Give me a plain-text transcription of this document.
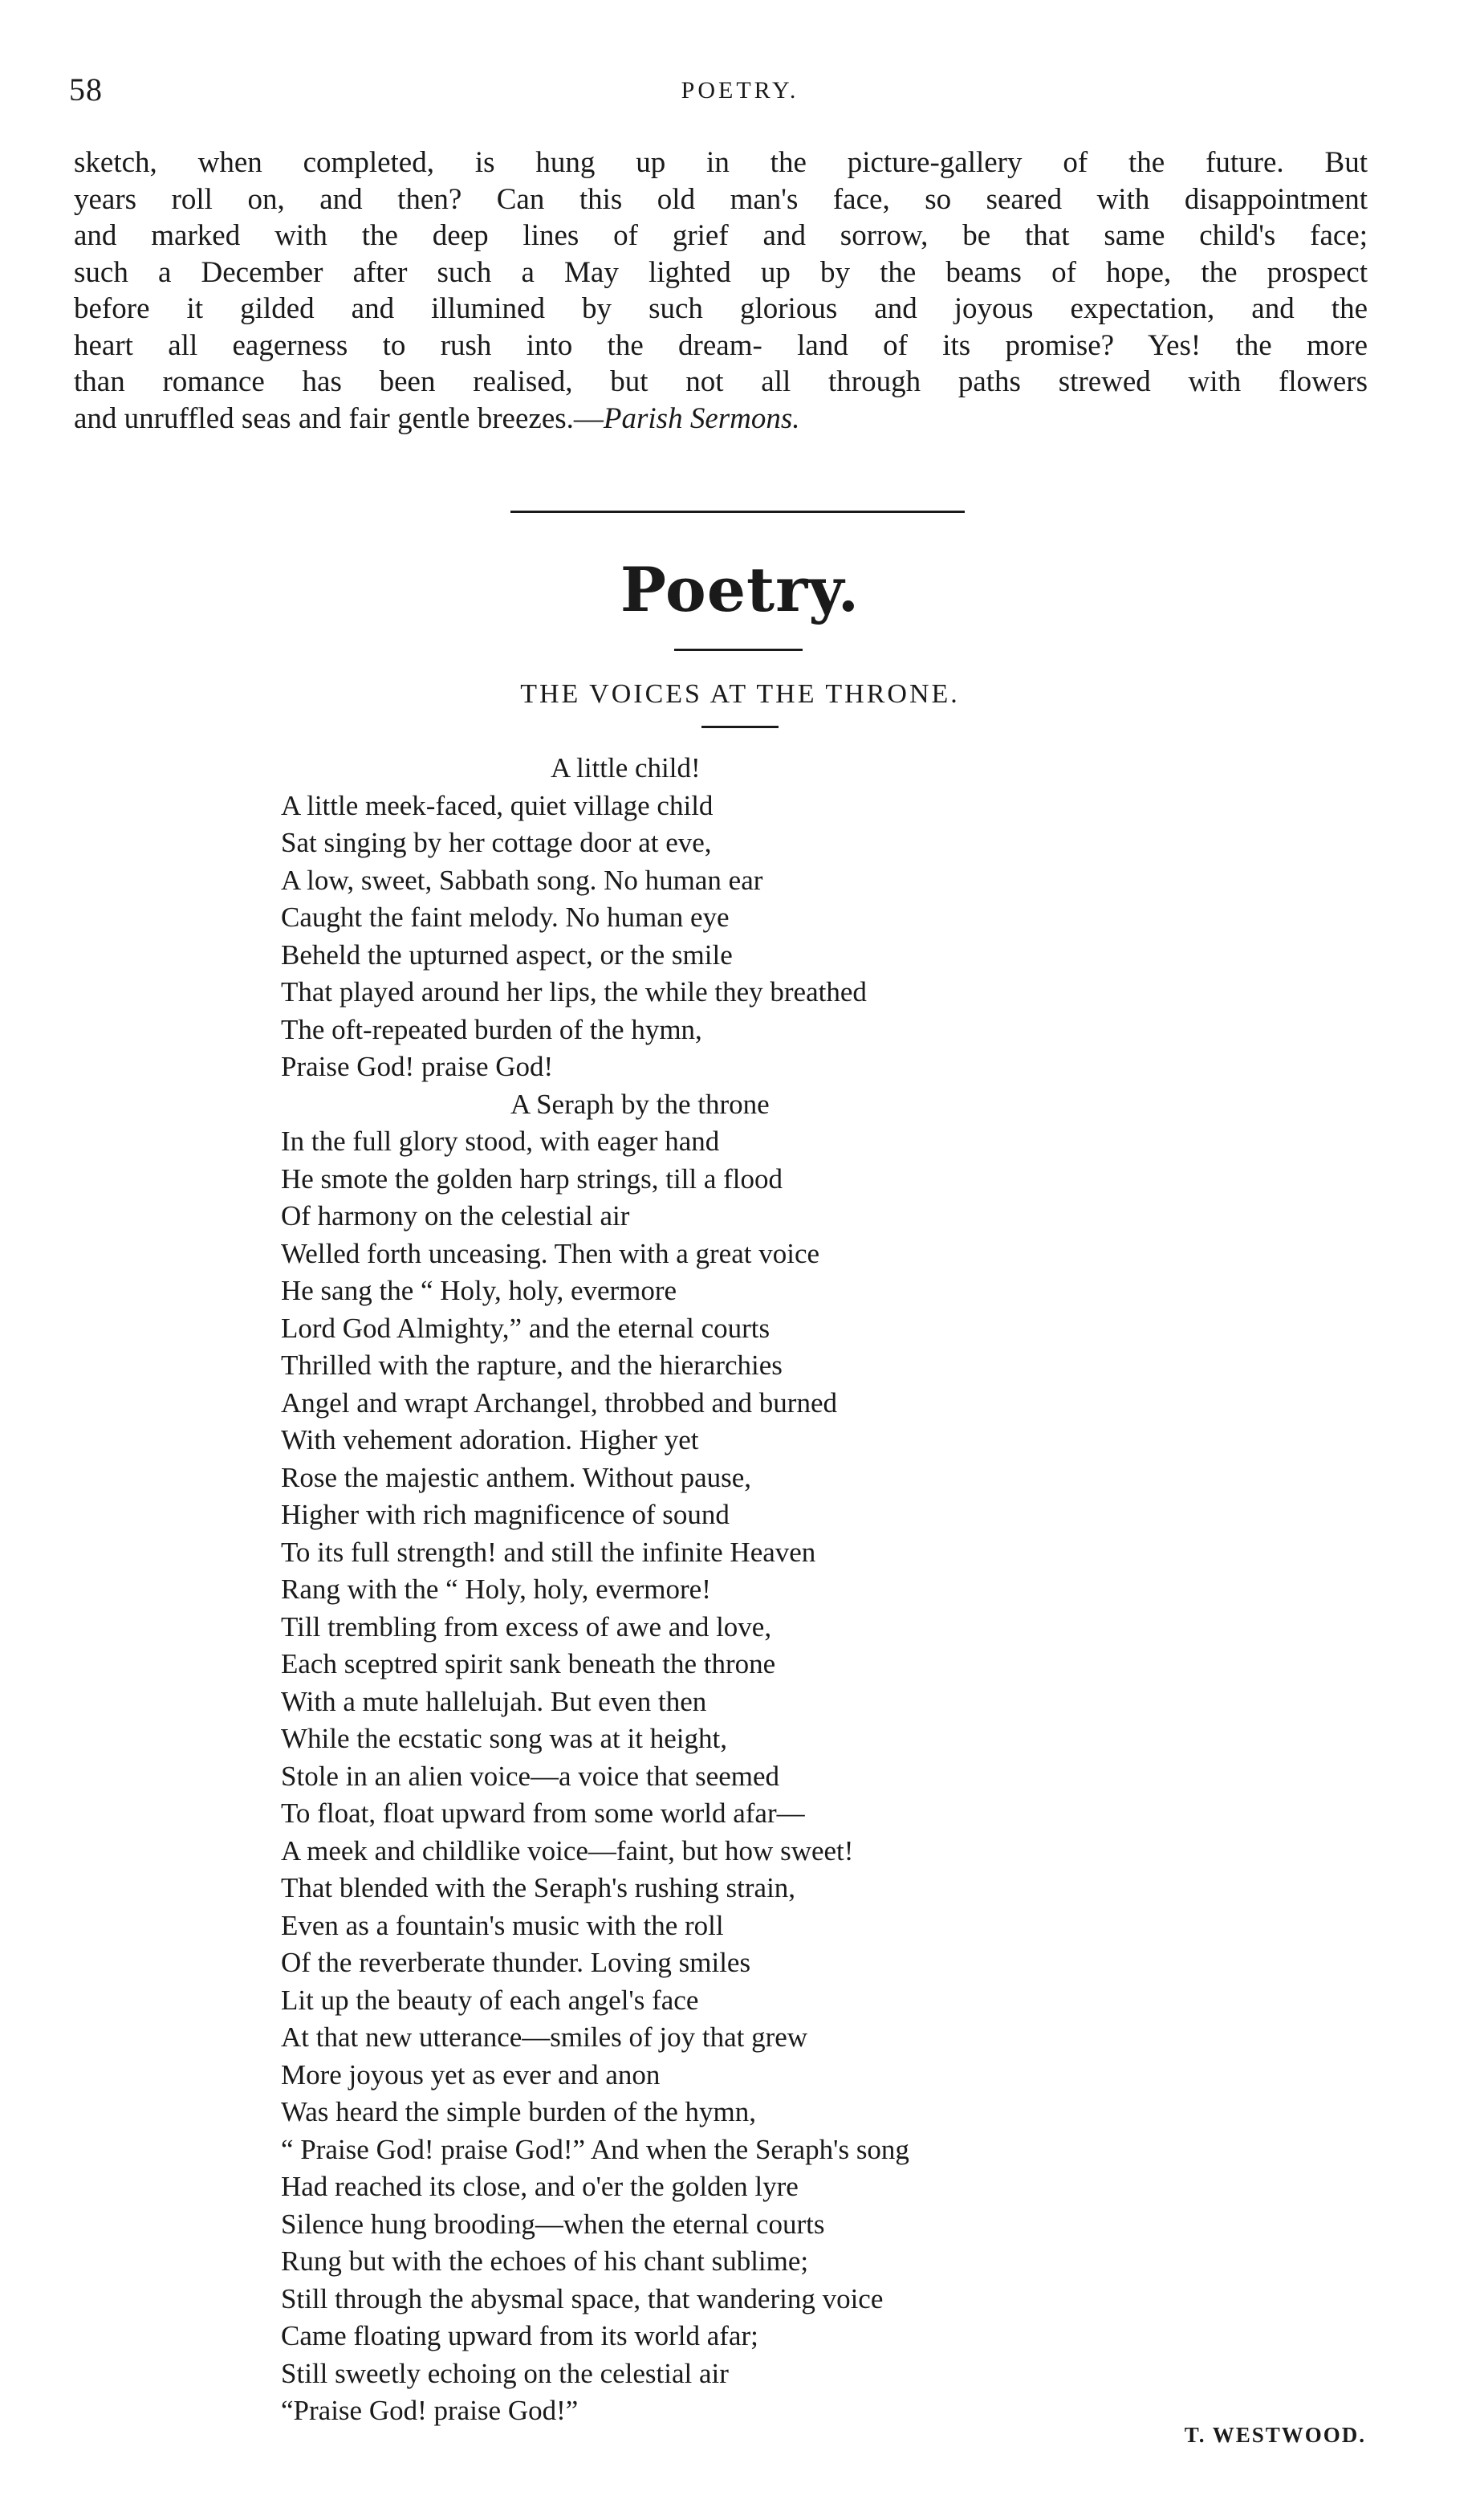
58	POETRY.
sketch, when completed, is hung up in the picture-gallery of the future. But
years roll on, and then? Can this old man's face, so seared with disappointment
and marked with the deep lines of grief and sorrow, be that same child's face;
such a December after such a May lighted up by the beams of hope, the prospect
before it gilded and illumined by such glorious and joyous expectation, and the
heart all eagerness to rush into the dream- land of its promise? Yes! the more
than romance has been realised, but not all through paths strewed with flowers
and unruffled seas and fair gentle breezes.—Parish Sermons.
Poetry.
THE VOICES AT THE THRONE.
A little child!
A little meek-faced, quiet village child
Sat singing by her cottage door at eve,
A low, sweet, Sabbath song. No human ear
Caught the faint melody. No human eye
Beheld the upturned aspect, or the smile
That played around her lips, the while they breathed
The oft-repeated burden of the hymn,
Praise God! praise God!
A Seraph by the throne
In the full glory stood, with eager hand
He smote the golden harp strings, till a flood
Of harmony on the celestial air
Welled forth unceasing. Then with a great voice
He sang the “ Holy, holy, evermore
Lord God Almighty,” and the eternal courts
Thrilled with the rapture, and the hierarchies
Angel and wrapt Archangel, throbbed and burned
With vehement adoration. Higher yet
Rose the majestic anthem. Without pause,
Higher with rich magnificence of sound
To its full strength! and still the infinite Heaven
Rang with the “ Holy, holy, evermore!
Till trembling from excess of awe and love,
Each sceptred spirit sank beneath the throne
With a mute hallelujah. But even then
While the ecstatic song was at it height,
Stole in an alien voice—a voice that seemed
To float, float upward from some world afar—
A meek and childlike voice—faint, but how sweet!
That blended with the Seraph's rushing strain,
Even as a fountain's music with the roll
Of the reverberate thunder. Loving smiles
Lit up the beauty of each angel's face
At that new utterance—smiles of joy that grew
More joyous yet as ever and anon
Was heard the simple burden of the hymn,
“ Praise God! praise God!” And when the Seraph's song
Had reached its close, and o'er the golden lyre
Silence hung brooding—when the eternal courts
Rung but with the echoes of his chant sublime;
Still through the abysmal space, that wandering voice
Came floating upward from its world afar;
Still sweetly echoing on the celestial air
“Praise God! praise God!”
T. WESTWOOD.
